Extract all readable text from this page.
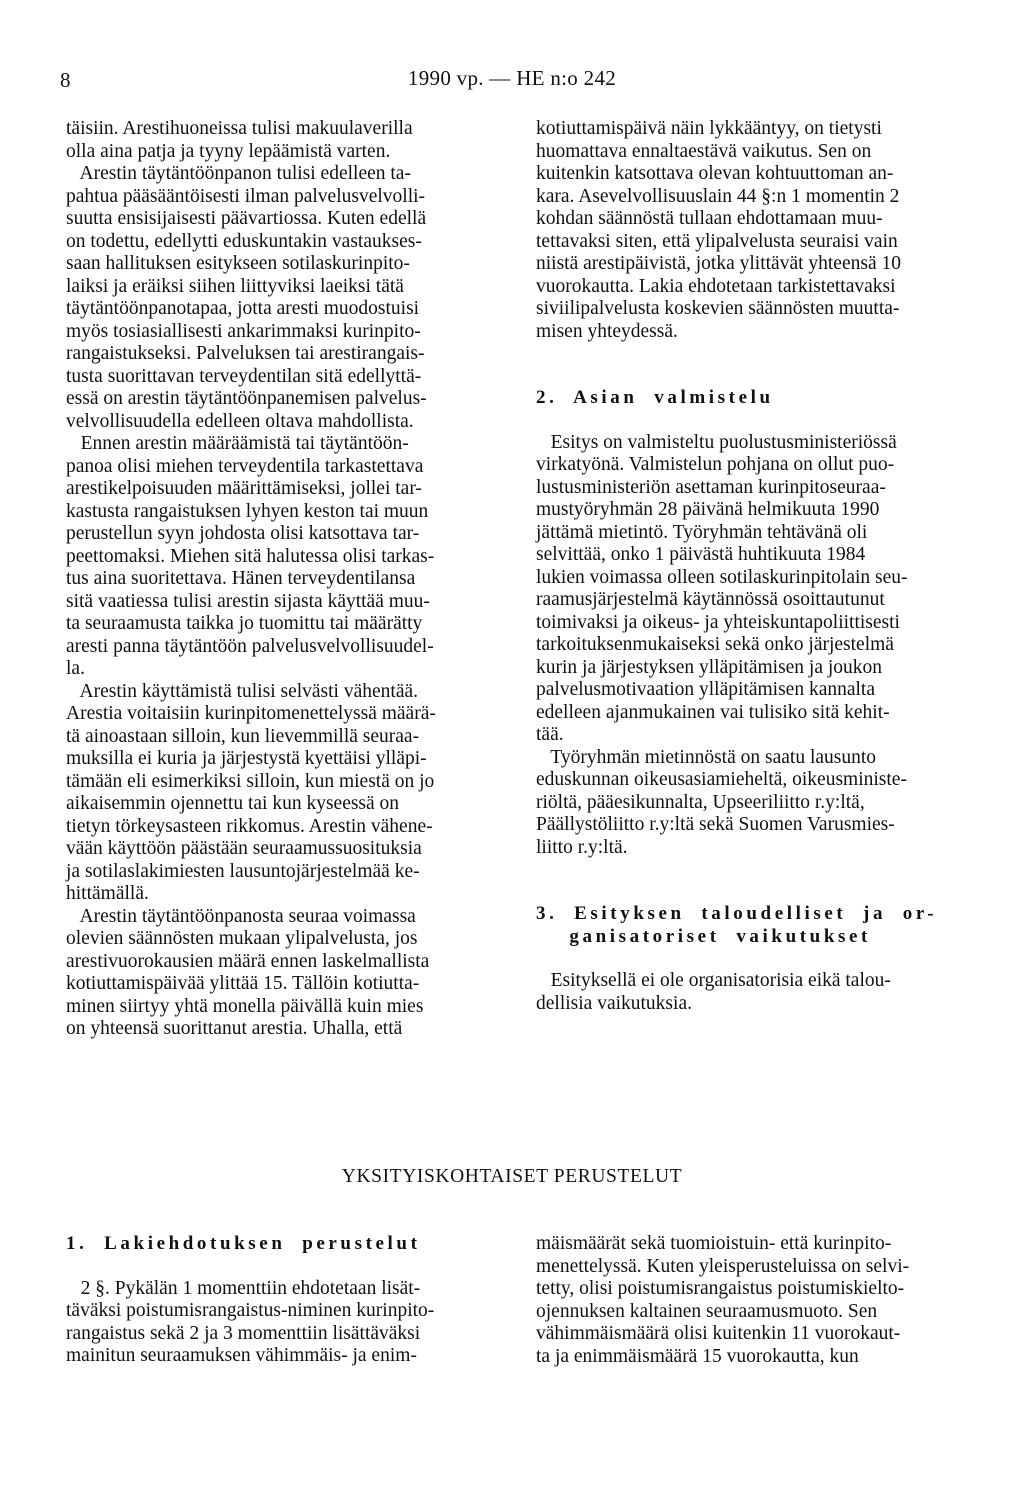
8	1990 vp. — HE n:o 242

täisiin. Arestihuoneissa tulisi makuulaverilla
olla aina patja ja tyyny lepäämistä varten.

Arestin täytäntöönpanon tulisi edelleen ta-
pahtua pääsääntöisesti ilman palvelusvelvolli-
suutta ensisijaisesti päävartiossa. Kuten edellä
on todettu, edellytti eduskuntakin vastaukses-
saan hallituksen esitykseen sotilaskurinpito-
laiksi ja eräiksi siihen liittyviksi laeiksi tätä
täytäntöönpanotapaa, jotta aresti muodostuisi
myös tosiasiallisesti ankarimmaksi kurinpito-
rangaistukseksi. Palveluksen tai arestirangais-
tusta suorittavan terveydentilan sitä edellyttä-
essä on arestin täytäntöönpanemisen palvelus-
velvollisuudella edelleen oltava mahdollista.

Ennen arestin määräämistä tai täytäntöön-
panoa olisi miehen terveydentila tarkastettava
arestikelpoisuuden määrittämiseksi, jollei tar-
kastusta rangaistuksen lyhyen keston tai muun
perustellun syyn johdosta olisi katsottava tar-
peettomaksi. Miehen sitä halutessa olisi tarkas-
tus aina suoritettava. Hänen terveydentilansa
sitä vaatiessa tulisi arestin sijasta käyttää muu-
ta seuraamusta taikka jo tuomittu tai määrätty
aresti panna täytäntöön palvelusvelvollisuudel-
la.

Arestin käyttämistä tulisi selvästi vähentää.
Arestia voitaisiin kurinpitomenettelyssä määrä-
tä ainoastaan silloin, kun lievemmillä seuraa-
muksilla ei kuria ja järjestystä kyettäisi ylläpi-
tämään eli esimerkiksi silloin, kun miestä on jo
aikaisemmin ojennettu tai kun kyseessä on
tietyn törkeysasteen rikkomus. Arestin vähene-
vään käyttöön päästään seuraamussuosituksia
ja sotilaslakimiesten lausuntojärjestelmää ke-
hittämällä.

Arestin täytäntöönpanosta seuraa voimassa
olevien säännösten mukaan ylipalvelusta, jos
arestivuorokausien määrä ennen laskelmallista
kotiuttamispäivää ylittää 15. Tällöin kotiutta-
minen siirtyy yhtä monella päivällä kuin mies
on yhteensä suorittanut arestia. Uhalla, että

kotiuttamispäivä näin lykkääntyy, on tietysti
huomattava ennaltaestävä vaikutus. Sen on
kuitenkin katsottava olevan kohtuuttoman an-
kara. Asevelvollisuuslain 44 §:n 1 momentin 2
kohdan säännöstä tullaan ehdottamaan muu-
tettavaksi siten, että ylipalvelusta seuraisi vain
niistä arestipäivistä, jotka ylittävät yhteensä 10
vuorokautta. Lakia ehdotetaan tarkistettavaksi
siviilipalvelusta koskevien säännösten muutta-
misen yhteydessä.

2.  Asian  valmistelu

Esitys on valmisteltu puolustusministeriössä
virkatyönä. Valmistelun pohjana on ollut puo-
lustusministeriön asettaman kurinpitoseuraa-
mustyöryhmän 28 päivänä helmikuuta 1990
jättämä mietintö. Työryhmän tehtävänä oli
selvittää, onko 1 päivästä huhtikuuta 1984
lukien voimassa olleen sotilaskurinpitolain seu-
raamusjärjestelmä käytännössä osoittautunut
toimivaksi ja oikeus- ja yhteiskuntapoliittisesti
tarkoituksenmukaiseksi sekä onko järjestelmä
kurin ja järjestyksen ylläpitämisen ja joukon
palvelusmotivaation ylläpitämisen kannalta
edelleen ajanmukainen vai tulisiko sitä kehit-
tää.

Työryhmän mietinnöstä on saatu lausunto
eduskunnan oikeusasiamieheltä, oikeusministe-
riöltä, pääesikunnalta, Upseeriliitto r.y:ltä,
Päällystöliitto r.y:ltä sekä Suomen Varusmies-
liitto r.y:ltä.

3.  Esityksen  taloudelliset  ja  or-
ganisatoriset  vaikutukset

Esityksellä ei ole organisatorisia eikä talou-
dellisia vaikutuksia.

YKSITYISKOHTAISET PERUSTELUT

1.  Lakiehdotuksen  perustelut

2 §. Pykälän 1 momenttiin ehdotetaan lisät-
täväksi poistumisrangaistus-niminen kurinpito-
rangaistus sekä 2 ja 3 momenttiin lisättäväksi
mainitun seuraamuksen vähimmäis- ja enim-

mäismäärät sekä tuomioistuin- että kurinpito-
menettelyssä. Kuten yleisperusteluissa on selvi-
tetty, olisi poistumisrangaistus poistumiskielto-
ojennuksen kaltainen seuraamusmuoto. Sen
vähimmäismäärä olisi kuitenkin 11 vuorokaut-
ta ja enimmäismäärä 15 vuorokautta, kun
